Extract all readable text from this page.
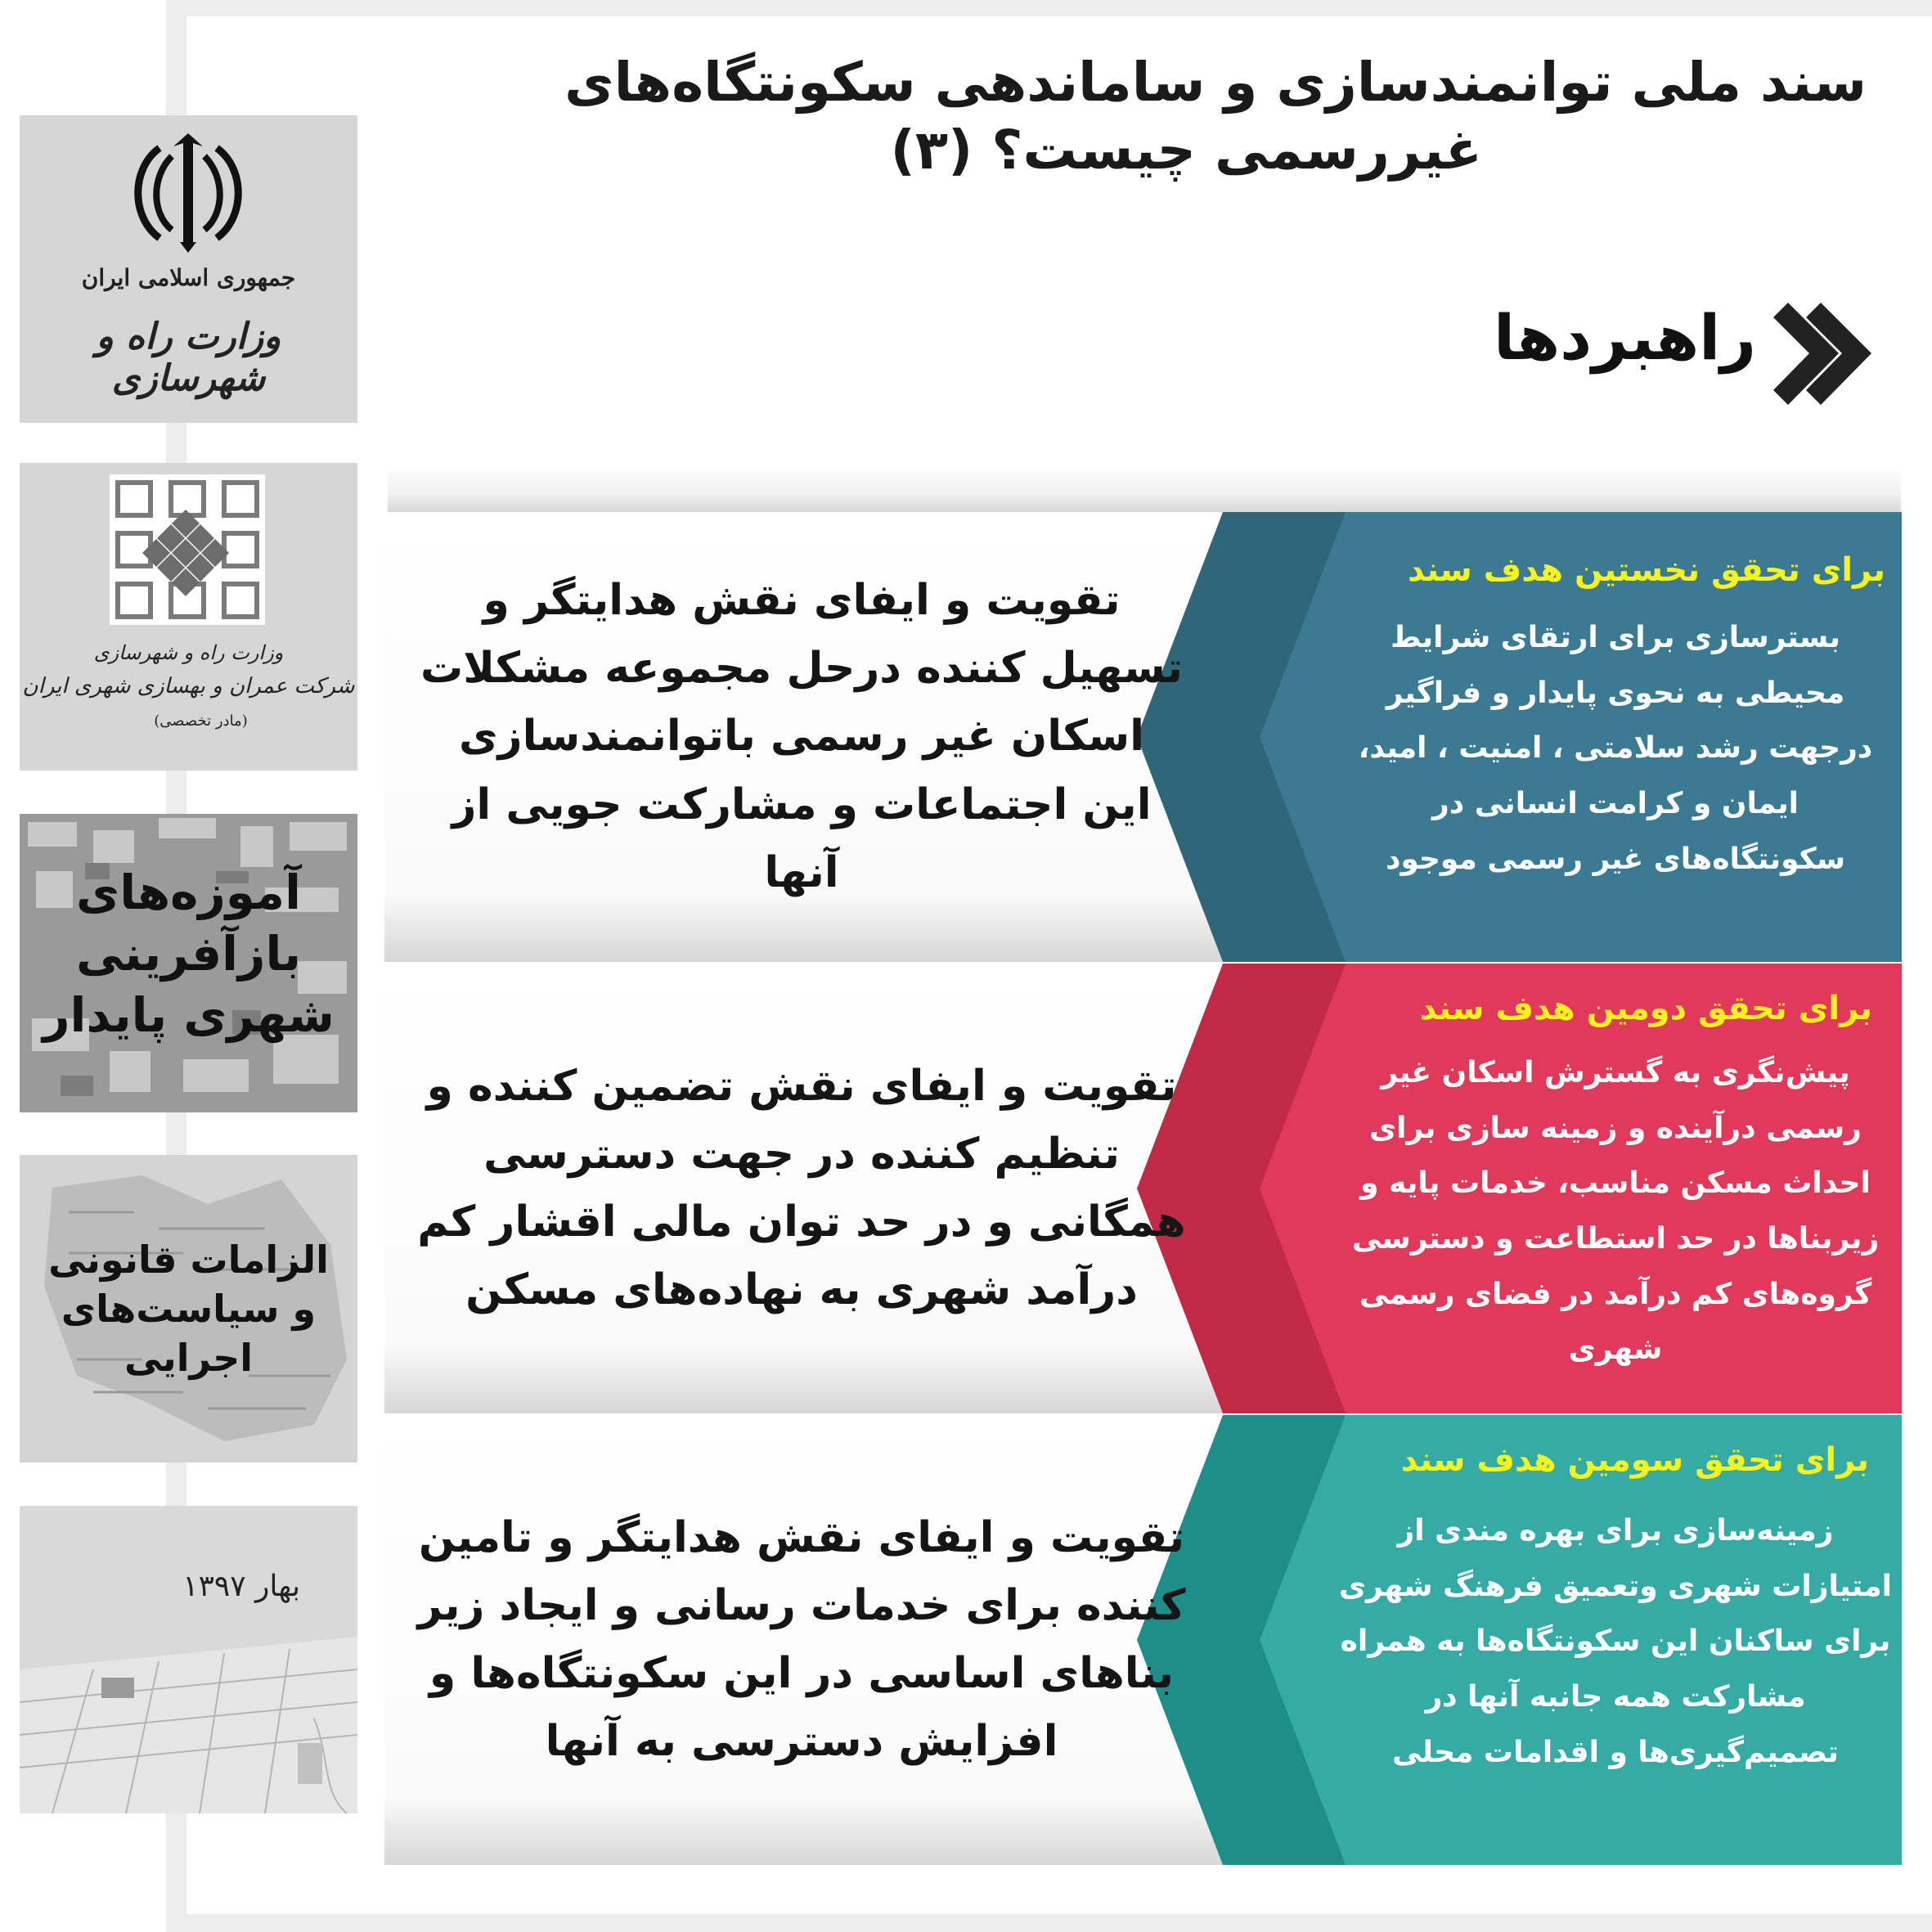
سند ملی توانمندسازی و ساماندهی سکونتگاه‌های
غیررسمی چیست؟ (۳)
راهبردها
جمهوری اسلامی ایران
وزارت راه و شهرسازی
وزارت راه و شهرسازی
شرکت عمران و بهسازی شهری ایران
(مادر تخصصی)
آموزه‌های
بازآفرینی
شهری پایدار
الزامات قانونی
و سیاست‌های
اجرایی
بهار ۱۳۹۷
تقویت و ایفای نقش هدایتگر و تسهیل کننده درحل مجموعه مشکلات اسکان غیر رسمی باتوانمندسازی این اجتماعات و مشارکت جویی از آنها
برای تحقق نخستین هدف سند
بسترسازی برای ارتقای شرایط محیطی به نحوی پایدار و فراگیر درجهت رشد سلامتی ، امنیت ، امید، ایمان و کرامت انسانی در سکونتگاه‌های غیر رسمی موجود
تقویت و ایفای نقش تضمین کننده و تنظیم کننده در جهت دسترسی همگانی و در حد توان مالی اقشار کم درآمد شهری به نهاده‌های مسکن
برای تحقق دومین هدف سند
پیش‌نگری به گسترش اسکان غیر رسمی درآینده و زمینه سازی برای احداث مسکن مناسب، خدمات پایه و زیربناها در حد استطاعت و دسترسی گروه‌های کم درآمد در فضای رسمی شهری
تقویت و ایفای نقش هدایتگر و تامین کننده برای خدمات رسانی و ایجاد زیر بناهای اساسی در این سکونتگاه‌ها و افزایش دسترسی به آنها
برای تحقق سومین هدف سند
زمینه‌سازی برای بهره مندی از امتیازات شهری وتعمیق فرهنگ شهری برای ساکنان این سکونتگاه‌ها به همراه مشارکت همه جانبه آنها در تصمیم‌گیری‌ها و اقدامات محلی
